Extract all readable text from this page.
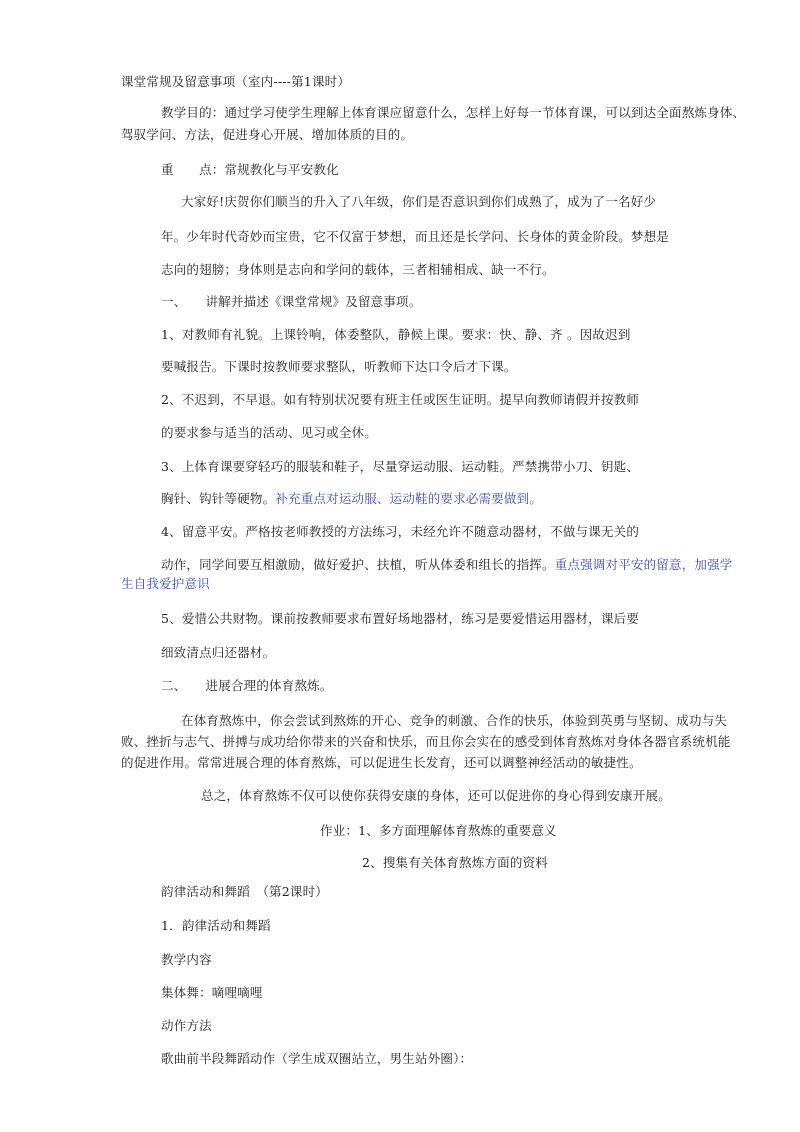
课堂常规及留意事项（室内----第1课时）
教学目的：通过学习使学生理解上体育课应留意什么，怎样上好每一节体育课，可以到达全面熬炼身体、
驾驭学问、方法，促进身心开展、增加体质的目的。
重　　点：常规教化与平安教化
大家好!庆贺你们顺当的升入了八年级，你们是否意识到你们成熟了，成为了一名好少
年。少年时代奇妙而宝贵，它不仅富于梦想，而且还是长学问、长身体的黄金阶段。梦想是
志向的翅膀；身体则是志向和学问的载体，三者相辅相成、缺一不行。
一、　　讲解并描述《课堂常规》及留意事项。
1、对教师有礼貌。上课铃响，体委整队，静候上课。要求：快、静、齐 。因故迟到
要喊报告。下课时按教师要求整队，听教师下达口令后才下课。
2、不迟到，不早退。如有特别状况要有班主任或医生证明。提早向教师请假并按教师
的要求参与适当的活动、见习或全休。
3、上体育课要穿轻巧的服装和鞋子，尽量穿运动服、运动鞋。严禁携带小刀、钥匙、
胸针、钩针等硬物。补充重点对运动服、运动鞋的要求必需要做到。
4、留意平安。严格按老师教授的方法练习，未经允许不随意动器材，不做与课无关的
动作，同学间要互相激励，做好爱护、扶植，听从体委和组长的指挥。重点强调对平安的留意，加强学
生自我爱护意识
5、爱惜公共财物。课前按教师要求布置好场地器材，练习是要爱惜运用器材，课后要
细致清点归还器材。
二、　　进展合理的体育熬炼。
在体育熬炼中，你会尝试到熬炼的开心、竞争的刺激、合作的快乐，体验到英勇与坚韧、成功与失
败、挫折与志气、拼搏与成功给你带来的兴奋和快乐，而且你会实在的感受到体育熬炼对身体各器官系统机能
的促进作用。常常进展合理的体育熬炼，可以促进生长发育，还可以调整神经活动的敏捷性。
总之，体育熬炼不仅可以使你获得安康的身体，还可以促进你的身心得到安康开展。
作业：1、多方面理解体育熬炼的重要意义
2、搜集有关体育熬炼方面的资料
韵律活动和舞蹈　（第2课时）
1．韵律活动和舞蹈
教学内容
集体舞：嘀哩嘀哩
动作方法
歌曲前半段舞蹈动作（学生成双圈站立，男生站外圈）：
